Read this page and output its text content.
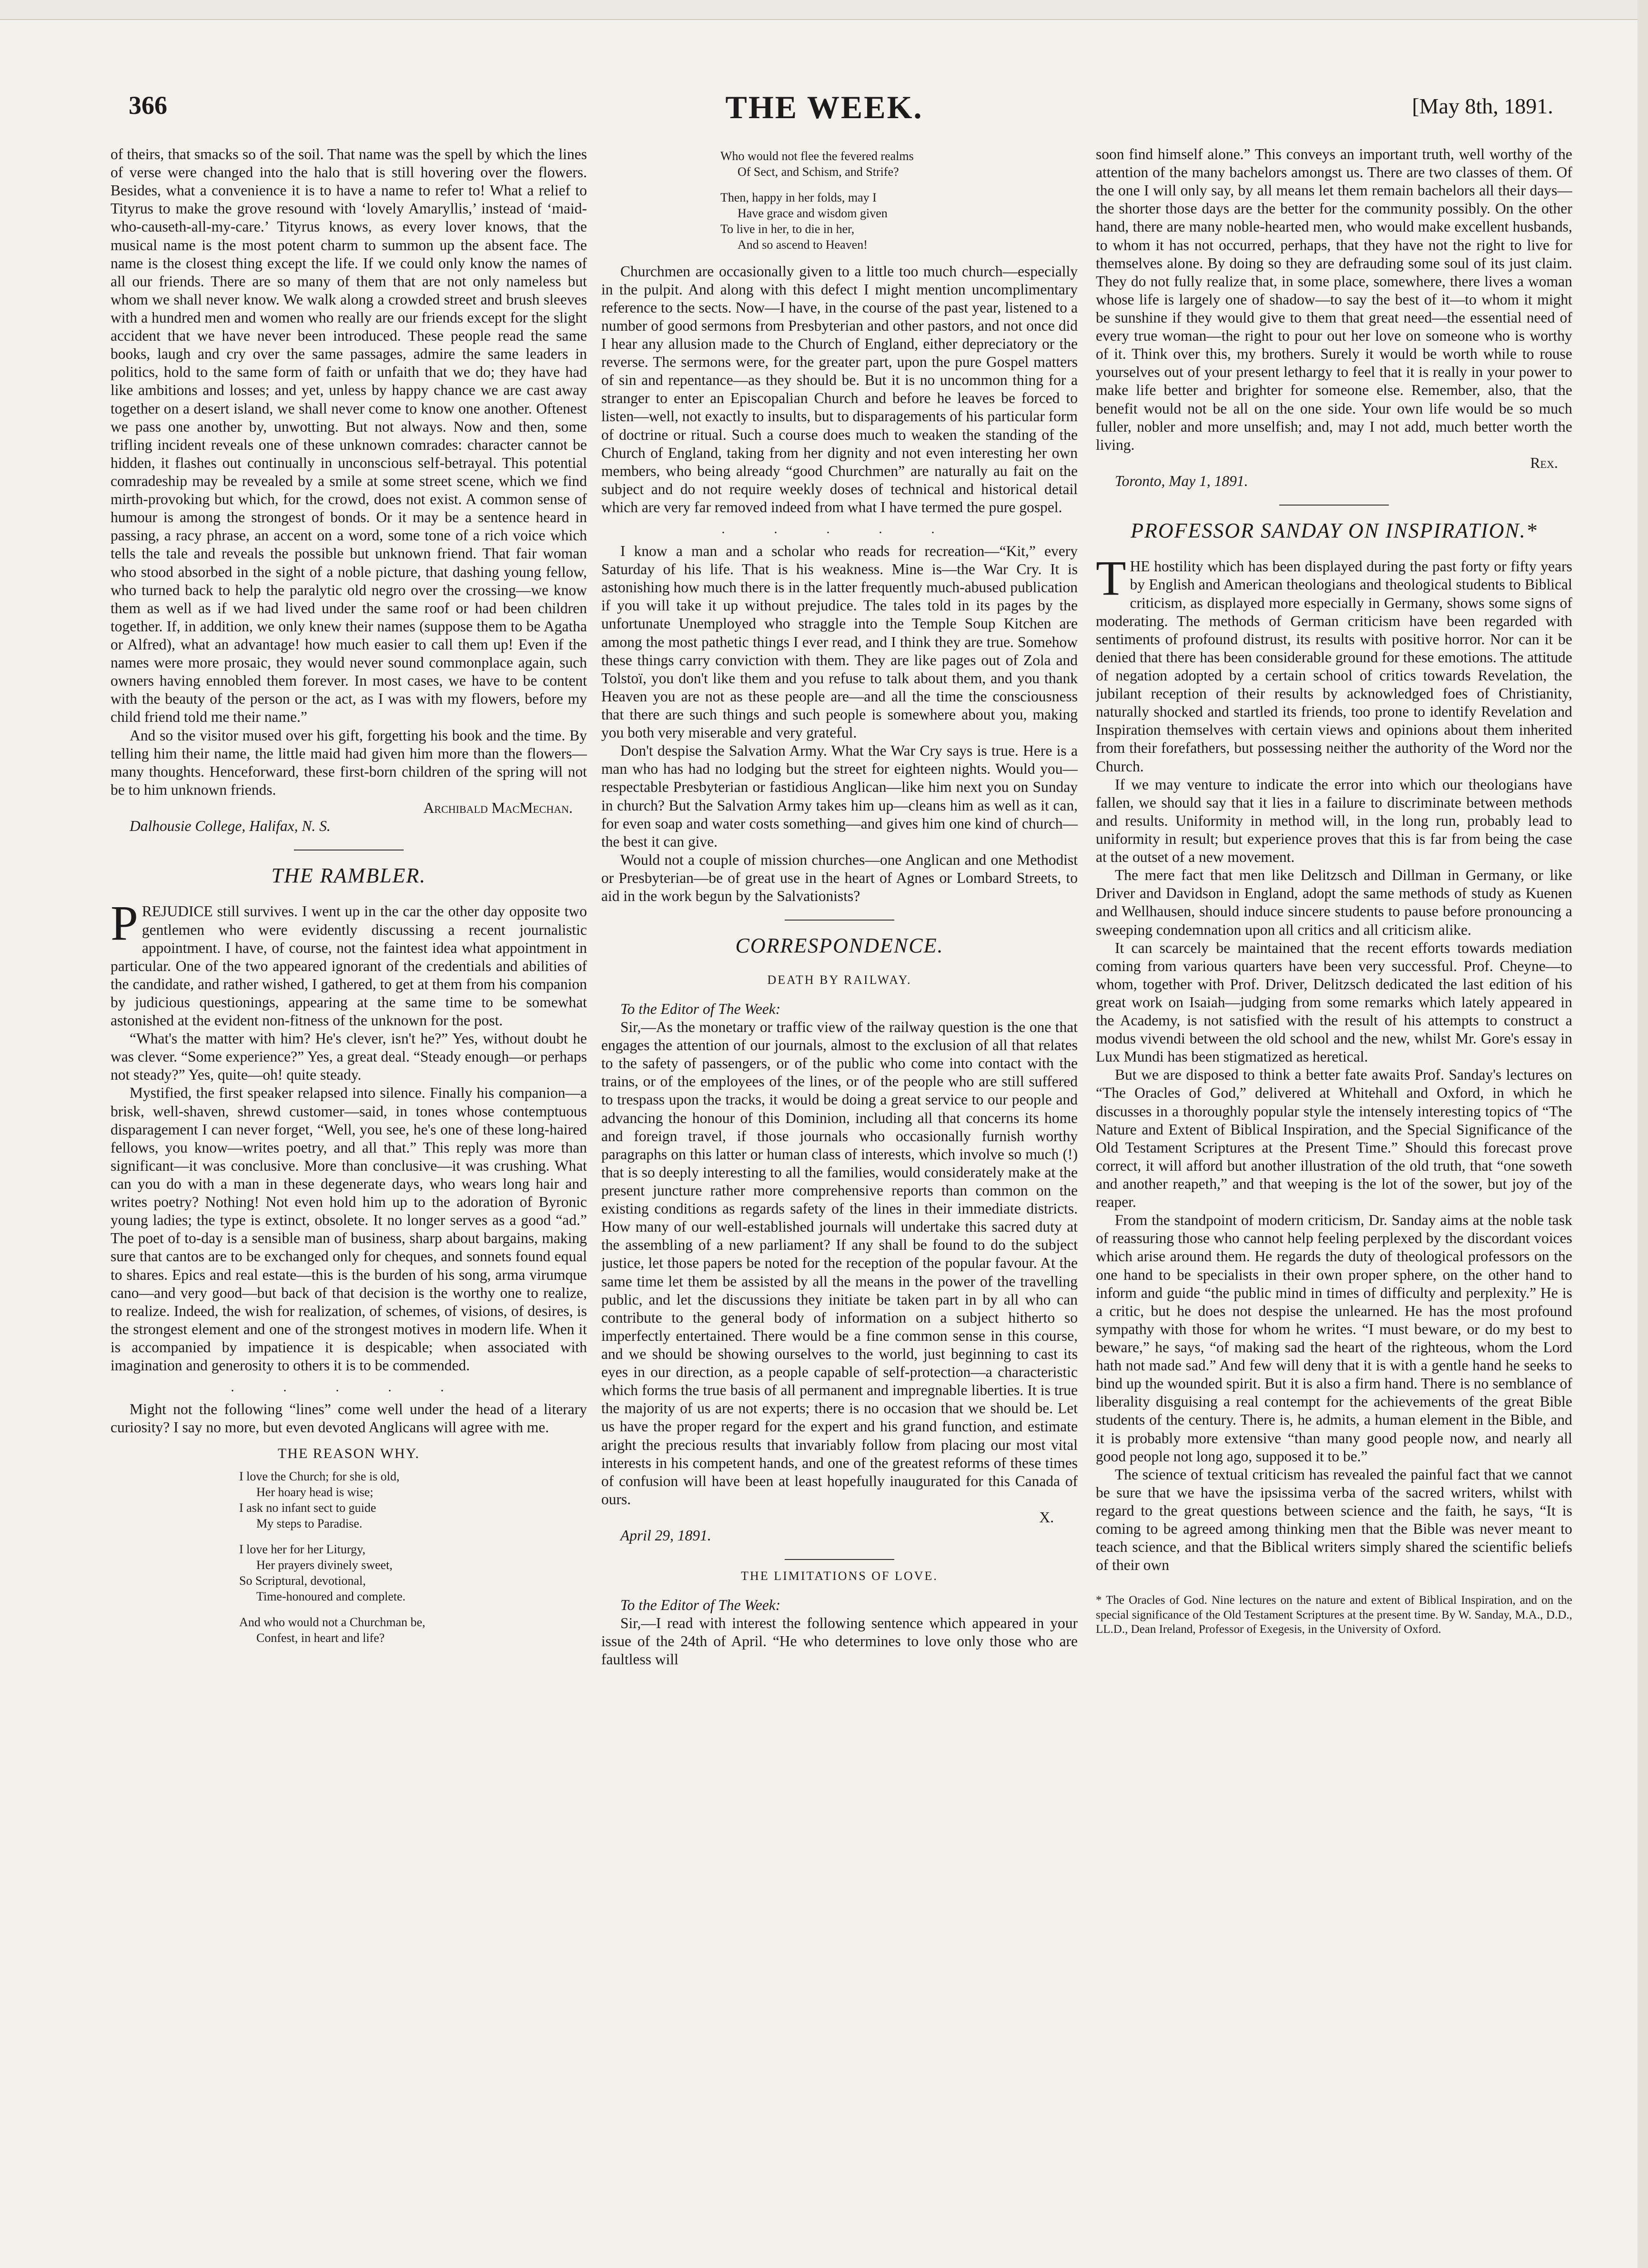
366	THE WEEK.	[May 8th, 1891.

of theirs, that smacks so of the soil. That name was the spell by which the lines of verse were changed into the halo that is still hovering over the flowers. Besides, what a convenience it is to have a name to refer to! What a relief to Tityrus to make the grove resound with ‘lovely Amaryllis,’ instead of ‘maid-who-causeth-all-my-care.’ Tityrus knows, as every lover knows, that the musical name is the most potent charm to summon up the absent face. The name is the closest thing except the life. If we could only know the names of all our friends. There are so many of them that are not only nameless but whom we shall never know. We walk along a crowded street and brush sleeves with a hundred men and women who really are our friends except for the slight accident that we have never been introduced. These people read the same books, laugh and cry over the same passages, admire the same leaders in politics, hold to the same form of faith or unfaith that we do; they have had like ambitions and losses; and yet, unless by happy chance we are cast away together on a desert island, we shall never come to know one another. Oftenest we pass one another by, unwotting. But not always. Now and then, some trifling incident reveals one of these unknown comrades: character cannot be hidden, it flashes out continually in unconscious self-betrayal. This potential comradeship may be revealed by a smile at some street scene, which we find mirth-provoking but which, for the crowd, does not exist. A common sense of humour is among the strongest of bonds. Or it may be a sentence heard in passing, a racy phrase, an accent on a word, some tone of a rich voice which tells the tale and reveals the possible but unknown friend. That fair woman who stood absorbed in the sight of a noble picture, that dashing young fellow, who turned back to help the paralytic old negro over the crossing—we know them as well as if we had lived under the same roof or had been children together. If, in addition, we only knew their names (suppose them to be Agatha or Alfred), what an advantage! how much easier to call them up! Even if the names were more prosaic, they would never sound commonplace again, such owners having ennobled them forever. In most cases, we have to be content with the beauty of the person or the act, as I was with my flowers, before my child friend told me their name.”

And so the visitor mused over his gift, forgetting his book and the time. By telling him their name, the little maid had given him more than the flowers—many thoughts. Henceforward, these first-born children of the spring will not be to him unknown friends.

Archibald MacMechan.
Dalhousie College, Halifax, N. S.
THE RAMBLER.

PREJUDICE still survives. I went up in the car the other day opposite two gentlemen who were evidently discussing a recent journalistic appointment. I have, of course, not the faintest idea what appointment in particular. One of the two appeared ignorant of the credentials and abilities of the candidate, and rather wished, I gathered, to get at them from his companion by judicious questionings, appearing at the same time to be somewhat astonished at the evident non-fitness of the unknown for the post.

“What's the matter with him? He's clever, isn't he?” Yes, without doubt he was clever. “Some experience?” Yes, a great deal. “Steady enough—or perhaps not steady?” Yes, quite—oh! quite steady.

Mystified, the first speaker relapsed into silence. Finally his companion—a brisk, well-shaven, shrewd customer—said, in tones whose contemptuous disparagement I can never forget, “Well, you see, he's one of these long-haired fellows, you know—writes poetry, and all that.” This reply was more than significant—it was conclusive. More than conclusive—it was crushing. What can you do with a man in these degenerate days, who wears long hair and writes poetry? Nothing! Not even hold him up to the adoration of Byronic young ladies; the type is extinct, obsolete. It no longer serves as a good “ad.” The poet of to-day is a sensible man of business, sharp about bargains, making sure that cantos are to be exchanged only for cheques, and sonnets found equal to shares. Epics and real estate—this is the burden of his song, arma virumque cano—and very good—but back of that decision is the worthy one to realize, to realize. Indeed, the wish for realization, of schemes, of visions, of desires, is the strongest element and one of the strongest motives in modern life. When it is accompanied by impatience it is despicable; when associated with imagination and generosity to others it is to be commended.

. . . . .

Might not the following “lines” come well under the head of a literary curiosity? I say no more, but even devoted Anglicans will agree with me.

THE REASON WHY.
I love the Church; for she is old,

Her hoary head is wise;
I ask no infant sect to guide

My steps to Paradise.
I love her for her Liturgy,

Her prayers divinely sweet,
So Scriptural, devotional,

Time-honoured and complete.
And who would not a Churchman be,

Confest, in heart and life?
Who would not flee the fevered realms

Of Sect, and Schism, and Strife?
Then, happy in her folds, may I

Have grace and wisdom given
To live in her, to die in her,

And so ascend to Heaven!

Churchmen are occasionally given to a little too much church—especially in the pulpit. And along with this defect I might mention uncomplimentary reference to the sects. Now—I have, in the course of the past year, listened to a number of good sermons from Presbyterian and other pastors, and not once did I hear any allusion made to the Church of England, either depreciatory or the reverse. The sermons were, for the greater part, upon the pure Gospel matters of sin and repentance—as they should be. But it is no uncommon thing for a stranger to enter an Episcopalian Church and before he leaves be forced to listen—well, not exactly to insults, but to disparagements of his particular form of doctrine or ritual. Such a course does much to weaken the standing of the Church of England, taking from her dignity and not even interesting her own members, who being already “good Churchmen” are naturally au fait on the subject and do not require weekly doses of technical and historical detail which are very far removed indeed from what I have termed the pure gospel.

. . . . .

I know a man and a scholar who reads for recreation—“Kit,” every Saturday of his life. That is his weakness. Mine is—the War Cry. It is astonishing how much there is in the latter frequently much-abused publication if you will take it up without prejudice. The tales told in its pages by the unfortunate Unemployed who straggle into the Temple Soup Kitchen are among the most pathetic things I ever read, and I think they are true. Somehow these things carry conviction with them. They are like pages out of Zola and Tolstoï, you don't like them and you refuse to talk about them, and you thank Heaven you are not as these people are—and all the time the consciousness that there are such things and such people is somewhere about you, making you both very miserable and very grateful.

Don't despise the Salvation Army. What the War Cry says is true. Here is a man who has had no lodging but the street for eighteen nights. Would you—respectable Presbyterian or fastidious Anglican—like him next you on Sunday in church? But the Salvation Army takes him up—cleans him as well as it can, for even soap and water costs something—and gives him one kind of church—the best it can give.

Would not a couple of mission churches—one Anglican and one Methodist or Presbyterian—be of great use in the heart of Agnes or Lombard Streets, to aid in the work begun by the Salvationists?

CORRESPONDENCE.
DEATH BY RAILWAY.

To the Editor of The Week:

Sir,—As the monetary or traffic view of the railway question is the one that engages the attention of our journals, almost to the exclusion of all that relates to the safety of passengers, or of the public who come into contact with the trains, or of the employees of the lines, or of the people who are still suffered to trespass upon the tracks, it would be doing a great service to our people and advancing the honour of this Dominion, including all that concerns its home and foreign travel, if those journals who occasionally furnish worthy paragraphs on this latter or human class of interests, which involve so much (!) that is so deeply interesting to all the families, would considerately make at the present juncture rather more comprehensive reports than common on the existing conditions as regards safety of the lines in their immediate districts. How many of our well-established journals will undertake this sacred duty at the assembling of a new parliament? If any shall be found to do the subject justice, let those papers be noted for the reception of the popular favour. At the same time let them be assisted by all the means in the power of the travelling public, and let the discussions they initiate be taken part in by all who can contribute to the general body of information on a subject hitherto so imperfectly entertained. There would be a fine common sense in this course, and we should be showing ourselves to the world, just beginning to cast its eyes in our direction, as a people capable of self-protection—a characteristic which forms the true basis of all permanent and impregnable liberties. It is true the majority of us are not experts; there is no occasion that we should be. Let us have the proper regard for the expert and his grand function, and estimate aright the precious results that invariably follow from placing our most vital interests in his competent hands, and one of the greatest reforms of these times of confusion will have been at least hopefully inaugurated for this Canada of ours.

X.
April 29, 1891.
THE LIMITATIONS OF LOVE.

To the Editor of The Week:

Sir,—I read with interest the following sentence which appeared in your issue of the 24th of April. “He who determines to love only those who are faultless will

soon find himself alone.” This conveys an important truth, well worthy of the attention of the many bachelors amongst us. There are two classes of them. Of the one I will only say, by all means let them remain bachelors all their days—the shorter those days are the better for the community possibly. On the other hand, there are many noble-hearted men, who would make excellent husbands, to whom it has not occurred, perhaps, that they have not the right to live for themselves alone. By doing so they are defrauding some soul of its just claim. They do not fully realize that, in some place, somewhere, there lives a woman whose life is largely one of shadow—to say the best of it—to whom it might be sunshine if they would give to them that great need—the essential need of every true woman—the right to pour out her love on someone who is worthy of it. Think over this, my brothers. Surely it would be worth while to rouse yourselves out of your present lethargy to feel that it is really in your power to make life better and brighter for someone else. Remember, also, that the benefit would not be all on the one side. Your own life would be so much fuller, nobler and more unselfish; and, may I not add, much better worth the living.

Rex.
Toronto, May 1, 1891.
PROFESSOR SANDAY ON INSPIRATION.*

THE hostility which has been displayed during the past forty or fifty years by English and American theologians and theological students to Biblical criticism, as displayed more especially in Germany, shows some signs of moderating. The methods of German criticism have been regarded with sentiments of profound distrust, its results with positive horror. Nor can it be denied that there has been considerable ground for these emotions. The attitude of negation adopted by a certain school of critics towards Revelation, the jubilant reception of their results by acknowledged foes of Christianity, naturally shocked and startled its friends, too prone to identify Revelation and Inspiration themselves with certain views and opinions about them inherited from their forefathers, but possessing neither the authority of the Word nor the Church.

If we may venture to indicate the error into which our theologians have fallen, we should say that it lies in a failure to discriminate between methods and results. Uniformity in method will, in the long run, probably lead to uniformity in result; but experience proves that this is far from being the case at the outset of a new movement.

The mere fact that men like Delitzsch and Dillman in Germany, or like Driver and Davidson in England, adopt the same methods of study as Kuenen and Wellhausen, should induce sincere students to pause before pronouncing a sweeping condemnation upon all critics and all criticism alike.

It can scarcely be maintained that the recent efforts towards mediation coming from various quarters have been very successful. Prof. Cheyne—to whom, together with Prof. Driver, Delitzsch dedicated the last edition of his great work on Isaiah—judging from some remarks which lately appeared in the Academy, is not satisfied with the result of his attempts to construct a modus vivendi between the old school and the new, whilst Mr. Gore's essay in Lux Mundi has been stigmatized as heretical.

But we are disposed to think a better fate awaits Prof. Sanday's lectures on “The Oracles of God,” delivered at Whitehall and Oxford, in which he discusses in a thoroughly popular style the intensely interesting topics of “The Nature and Extent of Biblical Inspiration, and the Special Significance of the Old Testament Scriptures at the Present Time.” Should this forecast prove correct, it will afford but another illustration of the old truth, that “one soweth and another reapeth,” and that weeping is the lot of the sower, but joy of the reaper.

From the standpoint of modern criticism, Dr. Sanday aims at the noble task of reassuring those who cannot help feeling perplexed by the discordant voices which arise around them. He regards the duty of theological professors on the one hand to be specialists in their own proper sphere, on the other hand to inform and guide “the public mind in times of difficulty and perplexity.” He is a critic, but he does not despise the unlearned. He has the most profound sympathy with those for whom he writes. “I must beware, or do my best to beware,” he says, “of making sad the heart of the righteous, whom the Lord hath not made sad.” And few will deny that it is with a gentle hand he seeks to bind up the wounded spirit. But it is also a firm hand. There is no semblance of liberality disguising a real contempt for the achievements of the great Bible students of the century. There is, he admits, a human element in the Bible, and it is probably more extensive “than many good people now, and nearly all good people not long ago, supposed it to be.”

The science of textual criticism has revealed the painful fact that we cannot be sure that we have the ipsissima verba of the sacred writers, whilst with regard to the great questions between science and the faith, he says, “It is coming to be agreed among thinking men that the Bible was never meant to teach science, and that the Biblical writers simply shared the scientific beliefs of their own

* The Oracles of God. Nine lectures on the nature and extent of Biblical Inspiration, and on the special significance of the Old Testament Scriptures at the present time. By W. Sanday, M.A., D.D., LL.D., Dean Ireland, Professor of Exegesis, in the University of Oxford.
